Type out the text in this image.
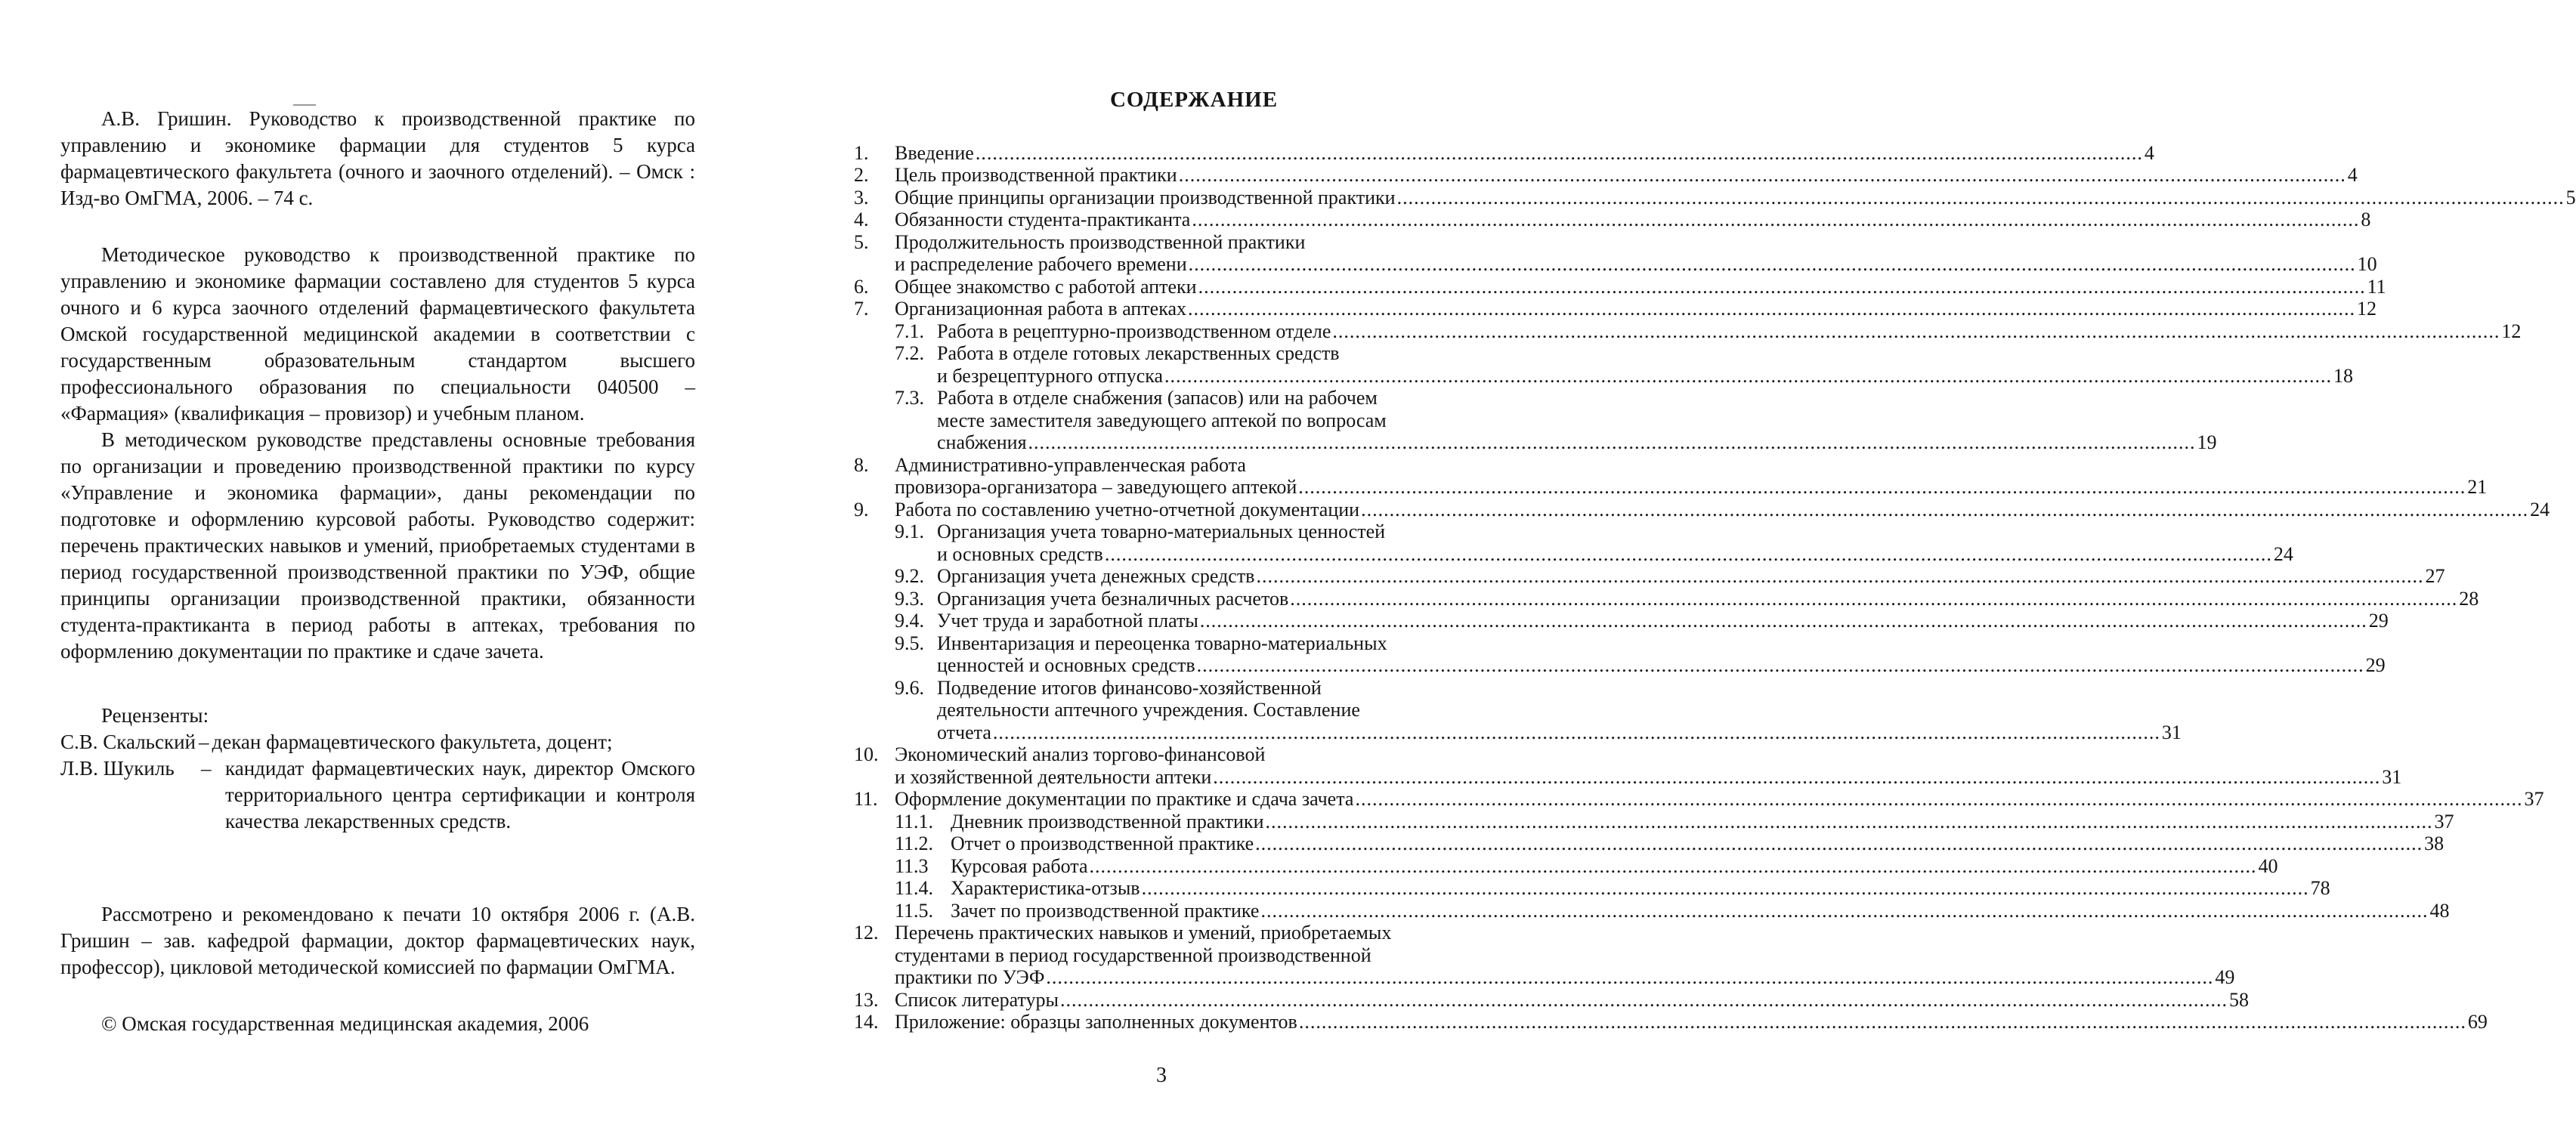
А.В. Гришин. Руководство к производственной практике по управлению и экономике фармации для студентов 5 курса фармацевтического факультета (очного и заочного отделений). – Омск : Изд-во ОмГМА, 2006. – 74 с.

Методическое руководство к производственной практике по управлению и экономике фармации составлено для студентов 5 курса очного и 6 курса заочного отделений фармацевтического факультета Омской государственной медицинской академии в соответствии с государственным образовательным стандартом высшего профессионального образования по специальности 040500 – «Фармация» (квалификация – провизор) и учебным планом.

В методическом руководстве представлены основные требования по организации и проведению производственной практики по курсу «Управление и экономика фармации», даны рекомендации по подготовке и оформлению курсовой работы. Руководство содержит: перечень практических навыков и умений, приобретаемых студентами в период государственной производственной практики по УЭФ, общие принципы организации производственной практики, обязанности студента-практиканта в период работы в аптеках, требования по оформлению документации по практике и сдаче зачета.

Рецензенты:

С.В. Скальский – декан фармацевтического факультета, доцент;
Л.В. Шукиль	– кандидат фармацевтических наук, директор Омского территориального центра сертификации и контроля качества лекарственных средств.

Рассмотрено и рекомендовано к печати 10 октября 2006 г. (А.В. Гришин – зав. кафедрой фармации, доктор фармацевтических наук, профессор), цикловой методической комиссией по фармации ОмГМА.

© Омская государственная медицинская академия, 2006

СОДЕРЖАНИЕ
1.	Введение .....	4
2.	Цель производственной практики .....	4
3.	Общие принципы организации производственной практики .....	5
4.	Обязанности студента-практиканта .....	8
5.	Продолжительность производственной практики
и распределение рабочего времени .....	10
6.	Общее знакомство с работой аптеки .....	11
7.	Организационная работа в аптеках .....	12
7.1. Работа в рецептурно-производственном отделе .....	12
7.2. Работа в отделе готовых лекарственных средств
и безрецептурного отпуска .....	18
7.3. Работа в отделе снабжения (запасов) или на рабочем
месте заместителя заведующего аптекой по вопросам
снабжения .....	19
8.	Административно-управленческая работа
провизора-организатора – заведующего аптекой .....	21
9.	Работа по составлению учетно-отчетной документации .....	24
9.1. Организация учета товарно-материальных ценностей
и основных средств .....	24
9.2. Организация учета денежных средств .....	27
9.3. Организация учета безналичных расчетов .....	28
9.4. Учет труда и заработной платы .....	29
9.5. Инвентаризация и переоценка товарно-материальных
ценностей и основных средств .....	29
9.6. Подведение итогов финансово-хозяйственной
деятельности аптечного учреждения. Составление
отчета .....	31
10. Экономический анализ торгово-финансовой
и хозяйственной деятельности аптеки .....	31
11. Оформление документации по практике и сдача зачета .....	37
11.1. Дневник производственной практики .....	37
11.2. Отчет о производственной практике .....	38
11.3	Курсовая работа .....	40
11.4. Характеристика-отзыв .....	78
11.5. Зачет по производственной практике .....	48
12. Перечень практических навыков и умений, приобретаемых
студентами в период государственной производственной
практики по УЭФ .....	49
13. Список литературы .....	58
14. Приложение: образцы заполненных документов .....	69
3
